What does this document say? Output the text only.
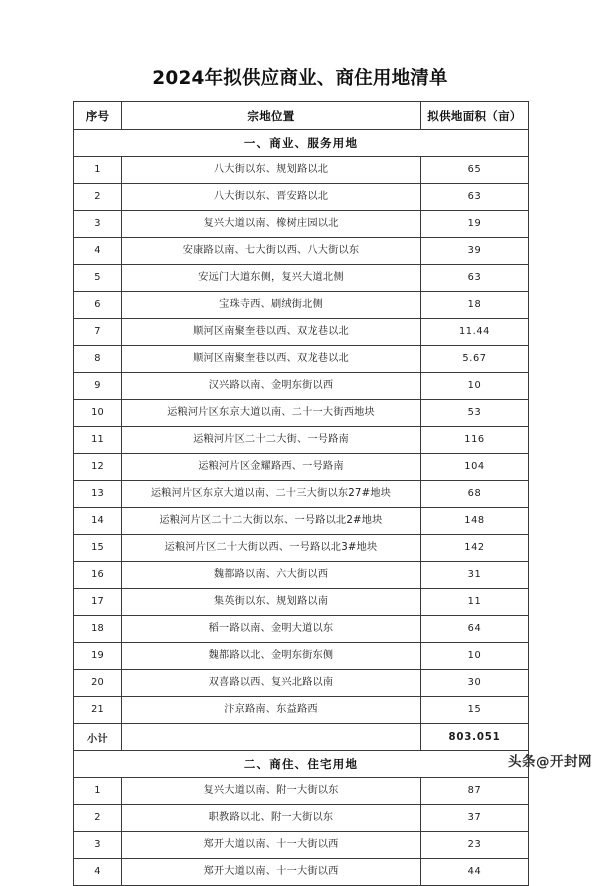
2024年拟供应商业、商住用地清单
序号	宗地位置	拟供地面积（亩）
一、商业、服务用地		
1	八大街以东、规划路以北	65
2	八大街以东、晋安路以北	63
3	复兴大道以南、橡树庄园以北	19
4	安康路以南、七大街以西、八大街以东	39
5	安远门大道东侧，复兴大道北侧	63
6	宝珠寺西、刷绒街北侧	18
7	顺河区南聚奎巷以西、双龙巷以北	11.44
8	顺河区南聚奎巷以西、双龙巷以北	5.67
9	汉兴路以南、金明东街以西	10
10	运粮河片区东京大道以南、二十一大街西地块	53
11	运粮河片区二十二大街、一号路南	116
12	运粮河片区金耀路西、一号路南	104
13	运粮河片区东京大道以南、二十三大街以东27#地块	68
14	运粮河片区二十二大街以东、一号路以北2#地块	148
15	运粮河片区二十大街以西、一号路以北3#地块	142
16	魏都路以南、六大街以西	31
17	集英街以东、规划路以南	11
18	稻一路以南、金明大道以东	64
19	魏都路以北、金明东街东侧	10
20	双喜路以西、复兴北路以南	30
21	汴京路南、东益路西	15
小计		803.051
二、商住、住宅用地		
1	复兴大道以南、附一大街以东	87
2	职教路以北、附一大街以东	37
3	郑开大道以南、十一大街以西	23
4	郑开大道以南、十一大街以西	44
头条@开封网
